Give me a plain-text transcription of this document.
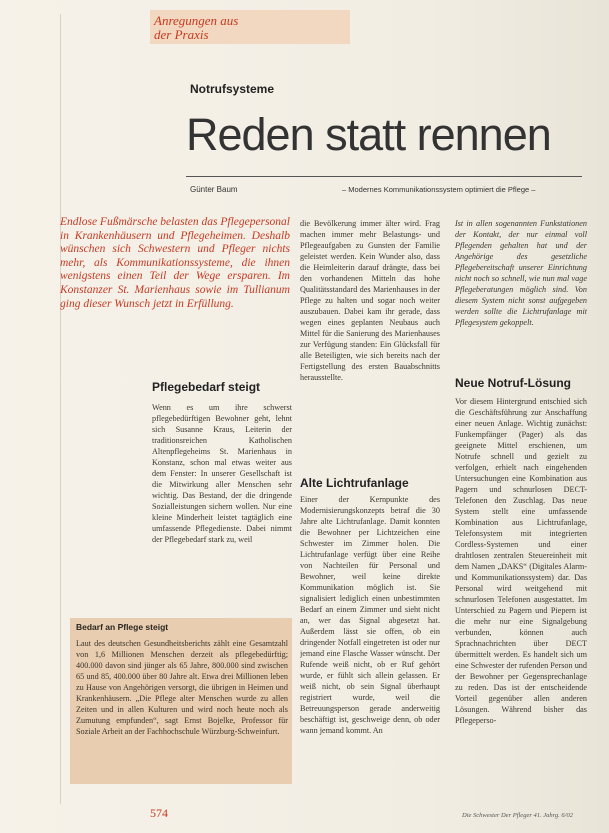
Anregungen aus
der Praxis
Notrufsysteme
Reden statt rennen
Günter Baum	– Modernes Kommunikationssystem optimiert die Pflege –
Endlose Fußmärsche belasten das Pflegepersonal in Krankenhäusern und Pflegeheimen. Deshalb wünschen sich Schwestern und Pfleger nichts mehr, als Kommunikationssysteme, die ihnen wenigstens einen Teil der Wege ersparen. Im Konstanzer St. Marienhaus sowie im Tullianum ging dieser Wunsch jetzt in Erfüllung.
Pflegebedarf steigt
Wenn es um ihre schwerst pflegebedürftigen Bewohner geht, lehnt sich Susanne Kraus, Leiterin der traditionsreichen Katholischen Altenpflegeheims St. Marienhaus in Konstanz, schon mal etwas weiter aus dem Fenster: In unserer Gesellschaft ist die Mitwirkung aller Menschen sehr wichtig. Das Bestand, der die dringende Sozialleistungen sichern wollen. Nur eine kleine Minderheit leistet tagtäglich eine umfassende Pflegedienste. Dabei nimmt der Pflegebedarf stark zu, weil
Bedarf an Pflege steigt
Laut des deutschen Gesundheitsberichts zählt eine Gesamtzahl von 1,6 Millionen Menschen derzeit als pflegebedürftig; 400.000 davon sind jünger als 65 Jahre, 800.000 sind zwischen 65 und 85, 400.000 über 80 Jahre alt. Etwa drei Millionen leben zu Hause von Angehörigen versorgt, die übrigen in Heimen und Krankenhäusern. „Die Pflege alter Menschen wurde zu allen Zeiten und in allen Kulturen und wird noch heute noch als Zumutung empfunden“, sagt Ernst Bojelke, Professor für Soziale Arbeit an der Fachhochschule Würzburg-Schweinfurt.
die Bevölkerung immer älter wird. Frag machen immer mehr Belastungs- und Pflegeaufgaben zu Gunsten der Familie geleistet werden. Kein Wunder also, dass die Heimleiterin darauf drängte, dass bei den vorhandenen Mitteln das hohe Qualitätsstandard des Marienhauses in der Pflege zu halten und sogar noch weiter auszubauen. Dabei kam ihr gerade, dass wegen eines geplanten Neubaus auch Mittel für die Sanierung des Marienhauses zur Verfügung standen: Ein Glücksfall für alle Beteiligten, wie sich bereits nach der Fertigstellung des ersten Bauabschnitts herausstellte.
Alte Lichtrufanlage
Einer der Kernpunkte des Modernisierungskonzepts betraf die 30 Jahre alte Lichtrufanlage. Damit konnten die Bewohner per Lichtzeichen eine Schwester im Zimmer holen. Die Lichtrufanlage verfügt über eine Reihe von Nachteilen für Personal und Bewohner, weil keine direkte Kommunikation möglich ist. Sie signalisiert lediglich einen unbestimmten Bedarf an einem Zimmer und sieht nicht an, wer das Signal abgesetzt hat. Außerdem lässt sie offen, ob ein dringender Notfall eingetreten ist oder nur jemand eine Flasche Wasser wünscht. Der Rufende weiß nicht, ob er Ruf gehört wurde, er fühlt sich allein gelassen. Er weiß nicht, ob sein Signal überhaupt registriert wurde, weil die Betreuungsperson gerade anderweitig beschäftigt ist, geschweige denn, ob oder wann jemand kommt. An
Ist in allen sogenannten Funkstationen der Kontakt, der nur einmal voll Pflegenden gehalten hat und der Angehörige des gesetzliche Pflegebereitschaft unserer Einrichtung nicht noch so schnell, wie nun mal vage Pflegeberatungen möglich sind. Von diesem System nicht sonst aufgegeben werden sollte die Lichtrufanlage mit Pflegesystem gekoppelt.
Neue Notruf-Lösung
Vor diesem Hintergrund entschied sich die Geschäftsführung zur Anschaffung einer neuen Anlage. Wichtig zunächst: Funkempfänger (Pager) als das geeignete Mittel erschienen, um Notrufe schnell und gezielt zu verfolgen, erhielt nach eingehenden Untersuchungen eine Kombination aus Pagern und schnurlosen DECT-Telefonen den Zuschlag. Das neue System stellt eine umfassende Kombination aus Lichtrufanlage, Telefonsystem mit integrierten Cordless-Systemen und einer drahtlosen zentralen Steuereinheit mit dem Namen „DAKS“ (Digitales Alarm- und Kommunikationssystem) dar. Das Personal wird weitgehend mit schnurlosen Telefonen ausgestattet. Im Unterschied zu Pagern und Piepern ist die mehr nur eine Signalgebung verbunden, können auch Sprachnachrichten über DECT übermittelt werden. Es handelt sich um eine Schwester der rufenden Person und der Bewohner per Gegensprechanlage zu reden. Das ist der entscheidende Vorteil gegenüber allen anderen Lösungen. Während bisher das Pflegeperso-
574	Die Schwester Der Pfleger 41. Jahrg. 6/02
